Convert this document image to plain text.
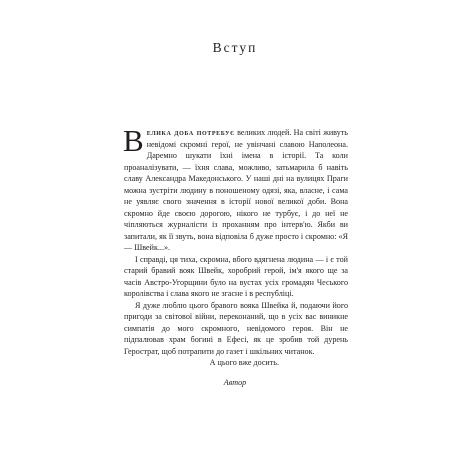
Вступ

Велика доба потребує великих людей. На світі живуть невідомі скромні герої, не увінчані славою Наполеона. Даремно шукати їхні імена в історії. Та коли проаналізувати, — їхня слава, можливо, затьмарила б навіть славу Александра Македонського. У наші дні на вулицях Праги можна зустріти людину в поношеному одязі, яка, власне, і сама не уявляє свого значення в історії нової великої доби. Вона скромно йде своєю дорогою, нікого не турбує, і до неї не чіпляються журналісти із проханням про інтерв'ю. Якби ви запитали, як її звуть, вона відповіла б дуже просто і скромно: «Я — Швейк...».

І справді, ця тиха, скромна, вбого вдягнена людина — і є той старий бравий вояк Швейк, хоробрий герой, ім'я якого ще за часів Австро-Угорщини було на вустах усіх громадян Чеського королівства і слава якого не згасне і в республіці.

Я дуже люблю цього бравого вояка Швейка й, подаючи його пригоди за світової війни, переконаний, що в усіх вас виникне симпатія до мого скромного, невідомого героя. Він не підпалював храм богині в Ефесі, як це зробив той дурень Герострат, щоб потрапити до газет і шкільних читанок.

А цього вже досить.

Автор
